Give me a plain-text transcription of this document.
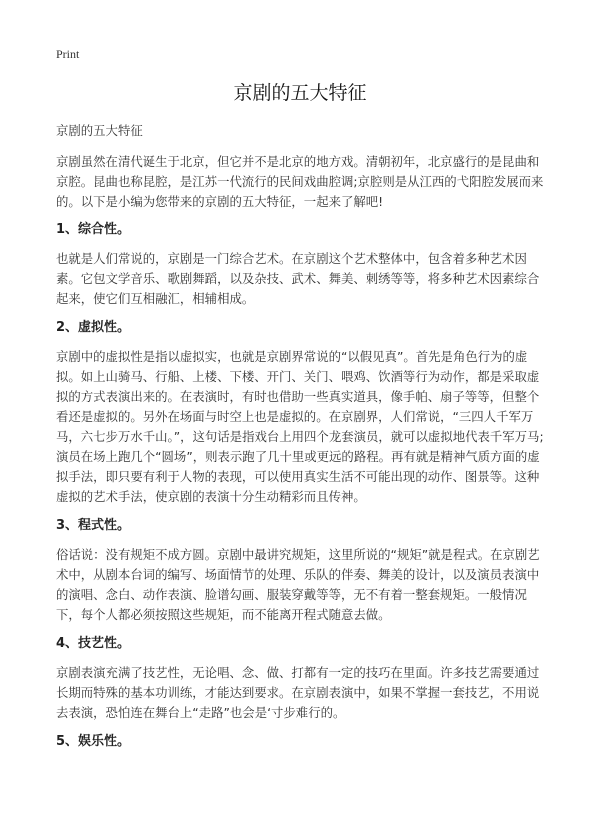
Print
京剧的五大特征

京剧的五大特征

京剧虽然在清代诞生于北京，但它并不是北京的地方戏。清朝初年，北京盛行的是昆曲和京腔。昆曲也称昆腔，是江苏一代流行的民间戏曲腔调;京腔则是从江西的弋阳腔发展而来的。以下是小编为您带来的京剧的五大特征，一起来了解吧!

1、综合性。

也就是人们常说的，京剧是一门综合艺术。在京剧这个艺术整体中，包含着多种艺术因素。它包文学音乐、歌剧舞蹈，以及杂技、武术、舞美、刺绣等等，将多种艺术因素综合起来，使它们互相融汇，相辅相成。

2、虚拟性。

京剧中的虚拟性是指以虚拟实，也就是京剧界常说的“以假见真”。首先是角色行为的虚拟。如上山骑马、行船、上楼、下楼、开门、关门、喂鸡、饮酒等行为动作，都是采取虚拟的方式表演出来的。在表演时，有时也借助一些真实道具，像手帕、扇子等等，但整个看还是虚拟的。另外在场面与时空上也是虚拟的。在京剧界，人们常说，“三四人千军万马，六七步万水千山。”，这句话是指戏台上用四个龙套演员，就可以虚拟地代表千军万马;演员在场上跑几个“圆场”，则表示跑了几十里或更远的路程。再有就是精神气质方面的虚拟手法，即只要有利于人物的表现，可以使用真实生活不可能出现的动作、图景等。这种虚拟的艺术手法，使京剧的表演十分生动精彩而且传神。

3、程式性。

俗话说：没有规矩不成方圆。京剧中最讲究规矩，这里所说的“规矩”就是程式。在京剧艺术中，从剧本台词的编写、场面情节的处理、乐队的伴奏、舞美的设计，以及演员表演中的演唱、念白、动作表演、脸谱勾画、服装穿戴等等，无不有着一整套规矩。一般情况下，每个人都必须按照这些规矩，而不能离开程式随意去做。

4、技艺性。

京剧表演充满了技艺性，无论唱、念、做、打都有一定的技巧在里面。许多技艺需要通过长期而特殊的基本功训练，才能达到要求。在京剧表演中，如果不掌握一套技艺，不用说去表演，恐怕连在舞台上“走路”也会是‘寸步难行的。

5、娱乐性。
